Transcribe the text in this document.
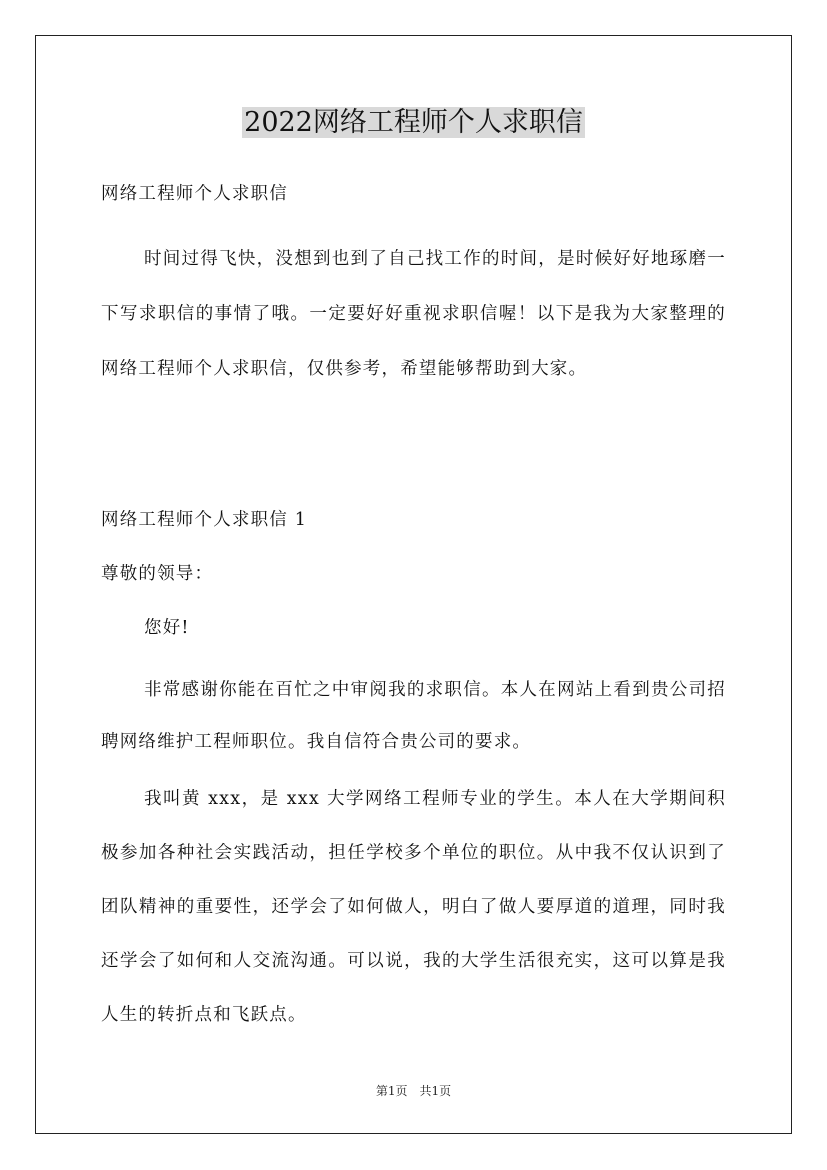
2022网络工程师个人求职信
网络工程师个人求职信
时间过得飞快，没想到也到了自己找工作的时间，是时候好好地琢磨一下写求职信的事情了哦。一定要好好重视求职信喔！以下是我为大家整理的网络工程师个人求职信，仅供参考，希望能够帮助到大家。
网络工程师个人求职信 1
尊敬的领导：
您好!
非常感谢你能在百忙之中审阅我的求职信。本人在网站上看到贵公司招聘网络维护工程师职位。我自信符合贵公司的要求。
我叫黄 xxx，是 xxx 大学网络工程师专业的学生。本人在大学期间积极参加各种社会实践活动，担任学校多个单位的职位。从中我不仅认识到了团队精神的重要性，还学会了如何做人，明白了做人要厚道的道理，同时我还学会了如何和人交流沟通。可以说，我的大学生活很充实，这可以算是我人生的转折点和飞跃点。
第1页　共1页
